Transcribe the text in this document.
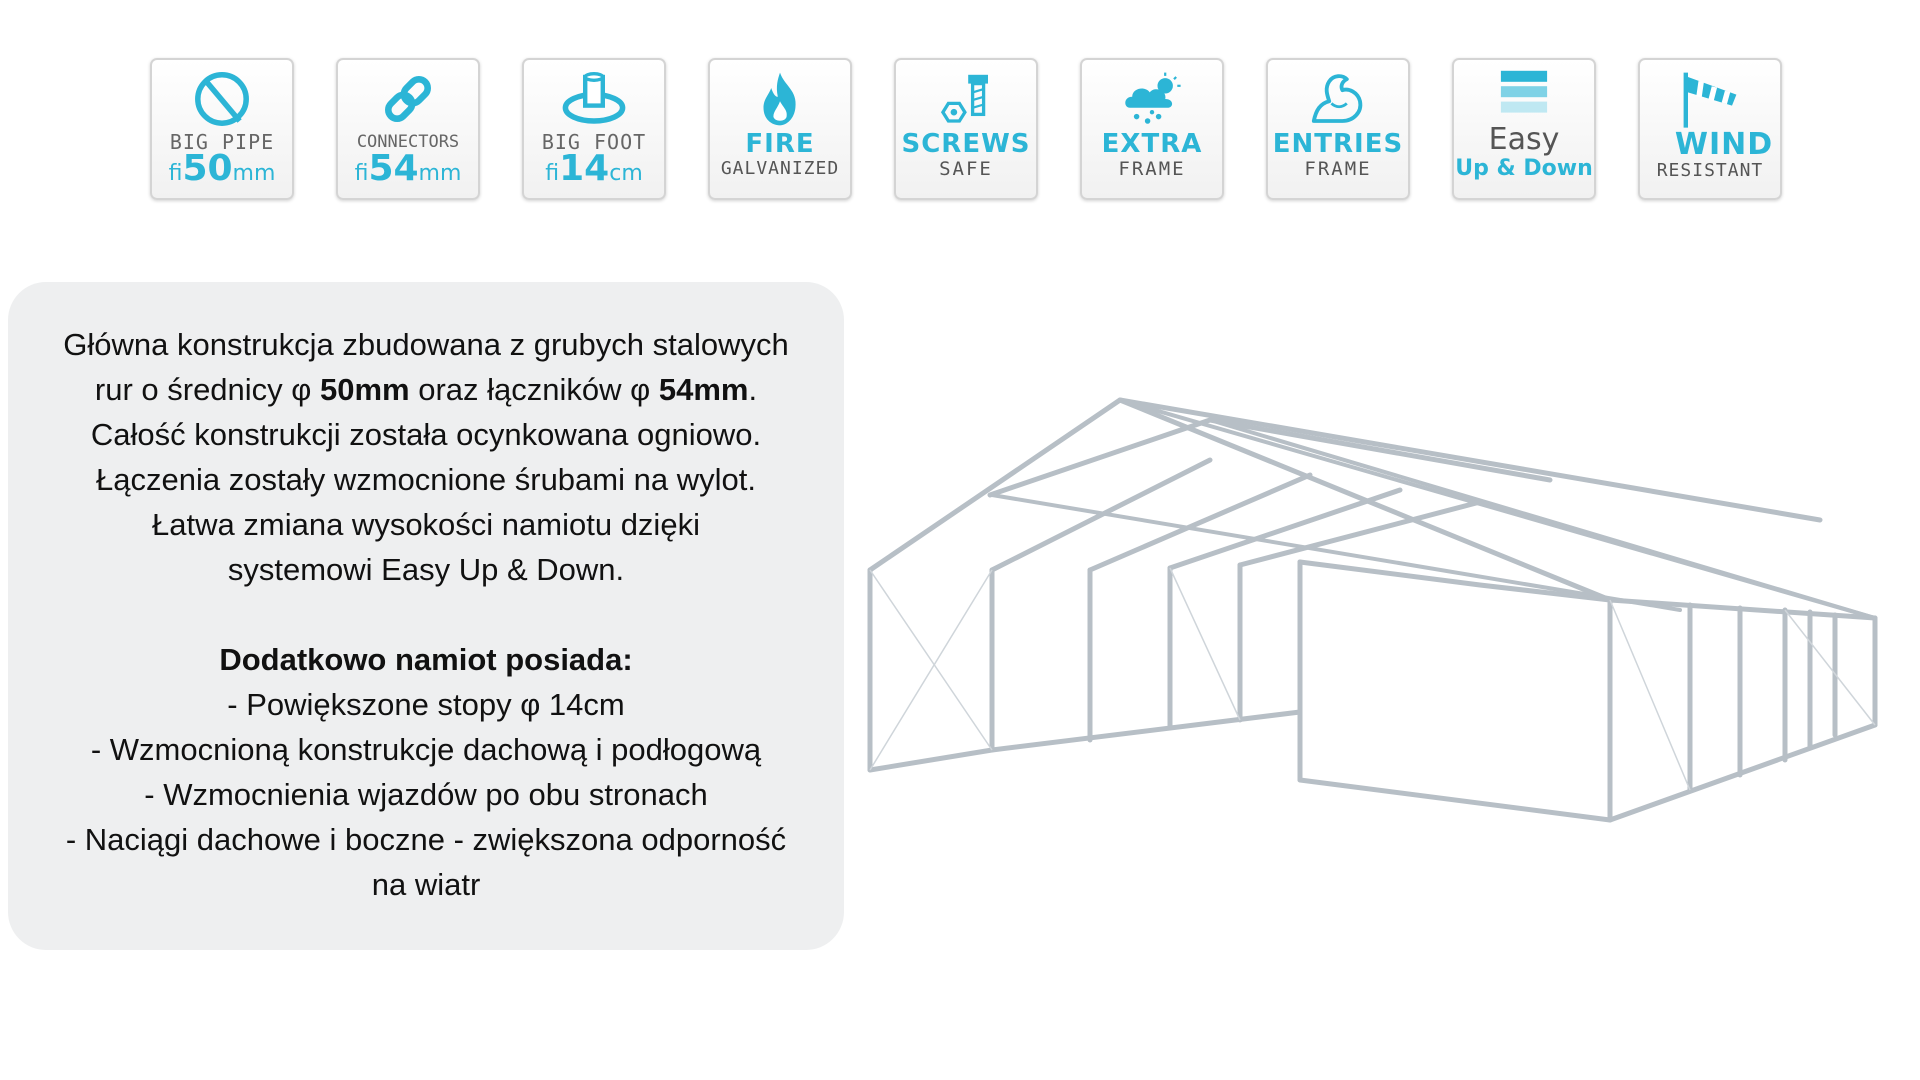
BIG PIPE
fi50mm
CONNECTORS
fi54mm
BIG FOOT
fi14cm
FIRE
GALVANIZED
SCREWS
SAFE
EXTRA
FRAME
ENTRIES
FRAME
Easy
Up & Down
WIND
RESISTANT

Główna konstrukcja zbudowana z grubych stalowych

rur o średnicy φ 50mm oraz łączników φ 54mm.

Całość konstrukcji została ocynkowana ogniowo.

Łączenia zostały wzmocnione śrubami na wylot.

Łatwa zmiana wysokości namiotu dzięki

systemowi Easy Up & Down.

Dodatkowo namiot posiada:

- Powiększone stopy φ 14cm

- Wzmocnioną konstrukcje dachową i podłogową

- Wzmocnienia wjazdów po obu stronach

- Naciągi dachowe i boczne - zwiększona odporność

na wiatr
